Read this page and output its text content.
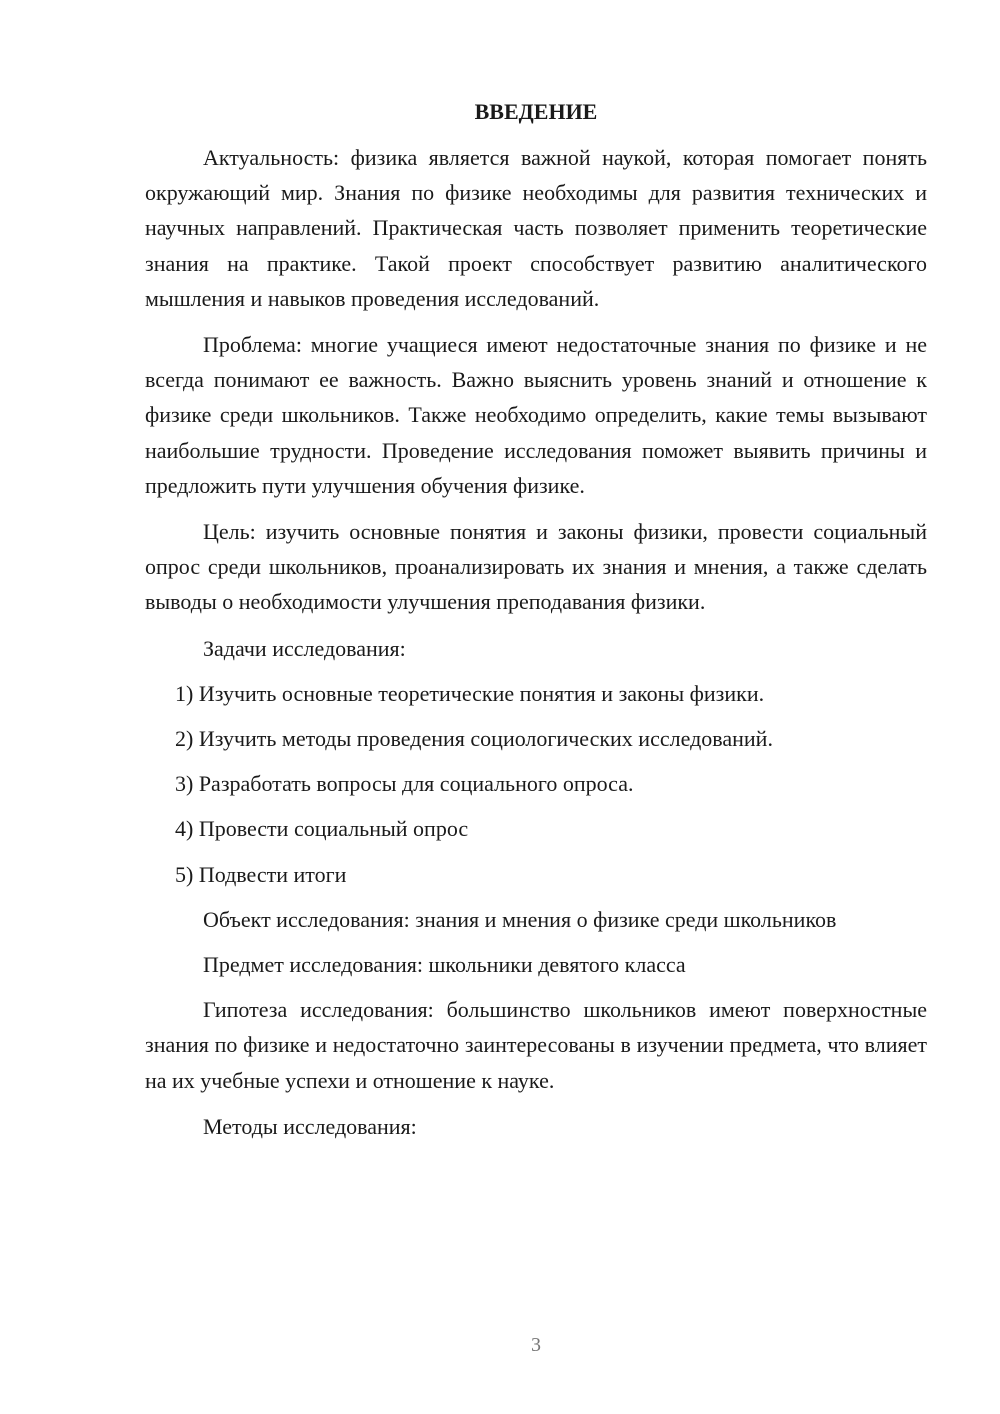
ВВЕДЕНИЕ

Актуальность: физика является важной наукой, которая помогает понять окружающий мир. Знания по физике необходимы для развития технических и научных направлений. Практическая часть позволяет применить теоретические знания на практике. Такой проект способствует развитию аналитического мышления и навыков проведения исследований.

Проблема: многие учащиеся имеют недостаточные знания по физике и не всегда понимают ее важность. Важно выяснить уровень знаний и отношение к физике среди школьников. Также необходимо определить, какие темы вызывают наибольшие трудности. Проведение исследования поможет выявить причины и предложить пути улучшения обучения физике.

Цель: изучить основные понятия и законы физики, провести социальный опрос среди школьников, проанализировать их знания и мнения, а также сделать выводы о необходимости улучшения преподавания физики.

Задачи исследования:
1) Изучить основные теоретические понятия и законы физики.
2) Изучить методы проведения социологических исследований.
3) Разработать вопросы для социального опроса.
4) Провести социальный опрос
5) Подвести итоги
Объект исследования: знания и мнения о физике среди школьников
Предмет исследования: школьники девятого класса

Гипотеза исследования: большинство школьников имеют поверхностные знания по физике и недостаточно заинтересованы в изучении предмета, что влияет на их учебные успехи и отношение к науке.

Методы исследования:
3
